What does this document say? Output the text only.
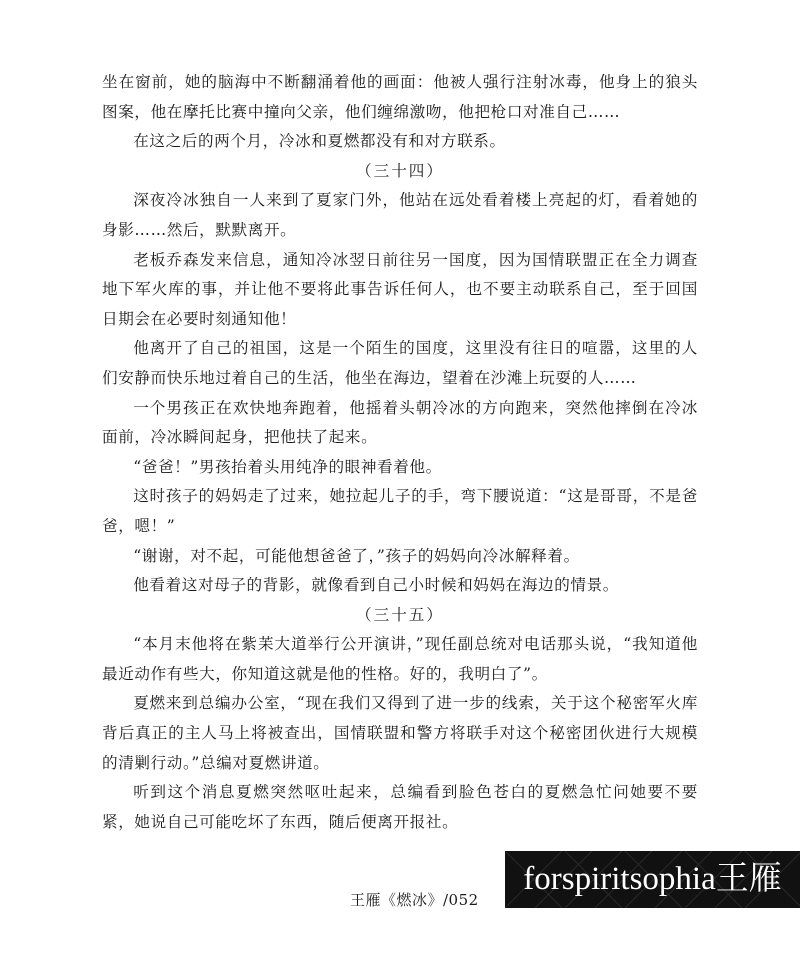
坐在窗前，她的脑海中不断翻涌着他的画面：他被人强行注射冰毒，他身上的狼头图案，他在摩托比赛中撞向父亲，他们缠绵激吻，他把枪口对准自己……

在这之后的两个月，冷冰和夏燃都没有和对方联系。

（三十四）

深夜冷冰独自一人来到了夏家门外，他站在远处看着楼上亮起的灯，看着她的身影……然后，默默离开。

老板乔森发来信息，通知冷冰翌日前往另一国度，因为国情联盟正在全力调查地下军火库的事，并让他不要将此事告诉任何人，也不要主动联系自己，至于回国日期会在必要时刻通知他！

他离开了自己的祖国，这是一个陌生的国度，这里没有往日的喧嚣，这里的人们安静而快乐地过着自己的生活，他坐在海边，望着在沙滩上玩耍的人……

一个男孩正在欢快地奔跑着，他摇着头朝冷冰的方向跑来，突然他摔倒在冷冰面前，冷冰瞬间起身，把他扶了起来。

“爸爸！”男孩抬着头用纯净的眼神看着他。

这时孩子的妈妈走了过来，她拉起儿子的手，弯下腰说道：“这是哥哥，不是爸爸，嗯！”

“谢谢，对不起，可能他想爸爸了，”孩子的妈妈向冷冰解释着。

他看着这对母子的背影，就像看到自己小时候和妈妈在海边的情景。

（三十五）

“本月末他将在紫苿大道举行公开演讲，”现任副总统对电话那头说，“我知道他最近动作有些大，你知道这就是他的性格。好的，我明白了”。

夏燃来到总编办公室，“现在我们又得到了进一步的线索，关于这个秘密军火库背后真正的主人马上将被查出，国情联盟和警方将联手对这个秘密团伙进行大规模的清剿行动。”总编对夏燃讲道。

听到这个消息夏燃突然呕吐起来，总编看到脸色苍白的夏燃急忙问她要不要紧，她说自己可能吃坏了东西，随后便离开报社。

王雁《燃冰》/052
forspiritsophia王雁
